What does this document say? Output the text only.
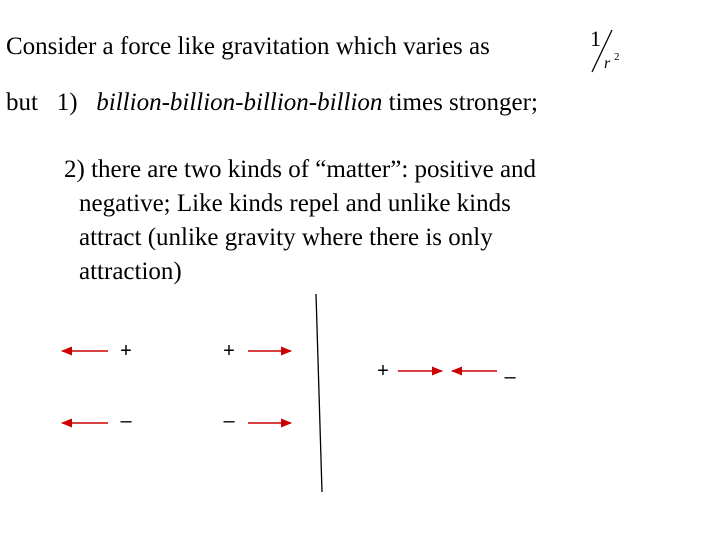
Consider a force like gravitation which varies as	1
r 2
but   1)   billion-billion-billion-billion times stronger;
2) there are two kinds of “matter”: positive and
negative; Like kinds repel and unlike kinds
attract (unlike gravity where there is only
attraction)
+	+
–	–
+	–
